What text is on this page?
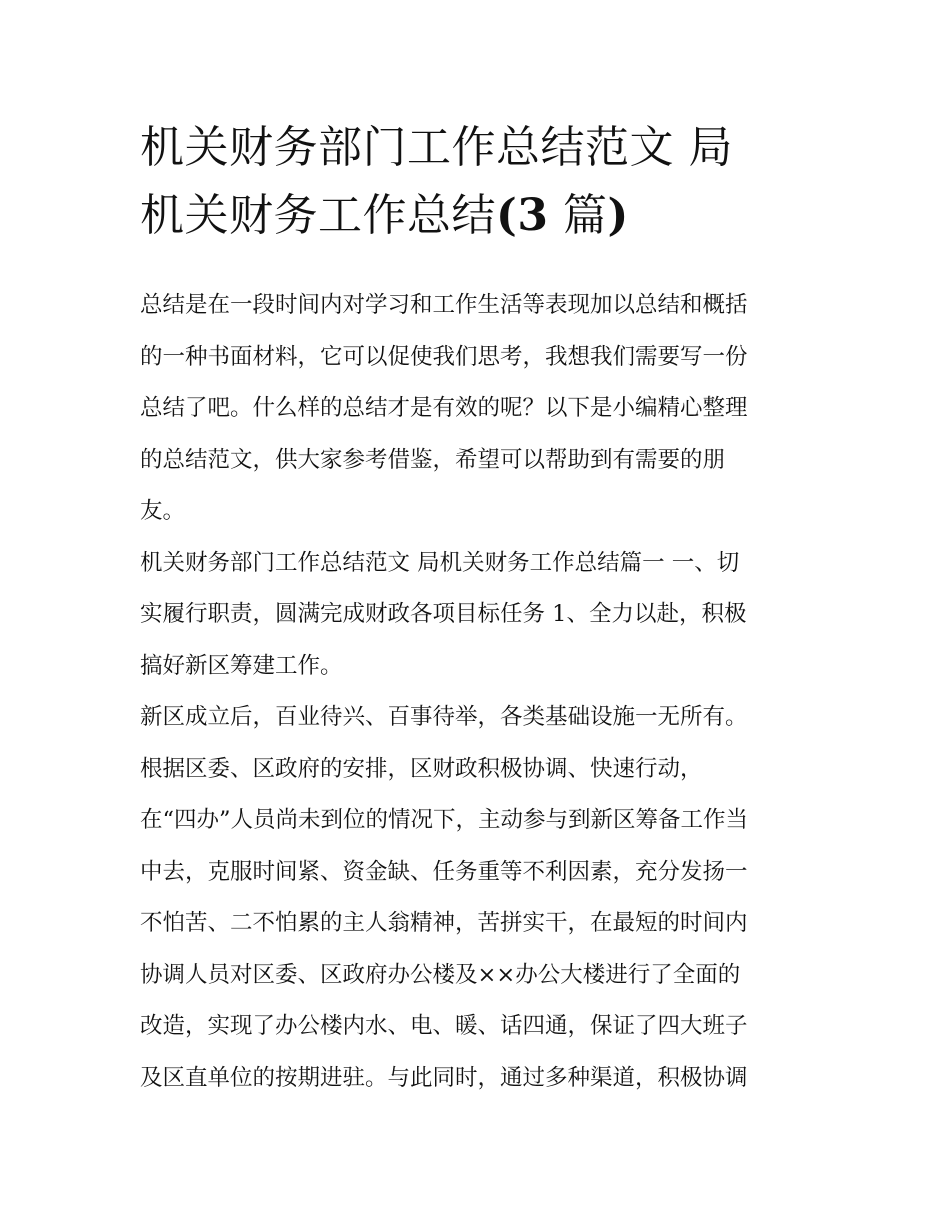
机关财务部门工作总结范文 局
机关财务工作总结(3 篇)

总结是在一段时间内对学习和工作生活等表现加以总结和概括
的一种书面材料，它可以促使我们思考，我想我们需要写一份
总结了吧。什么样的总结才是有效的呢？以下是小编精心整理
的总结范文，供大家参考借鉴，希望可以帮助到有需要的朋
友。

机关财务部门工作总结范文 局机关财务工作总结篇一 一、切
实履行职责，圆满完成财政各项目标任务 1、全力以赴，积极
搞好新区筹建工作。

新区成立后，百业待兴、百事待举，各类基础设施一无所有。
根据区委、区政府的安排，区财政积极协调、快速行动，
在“四办”人员尚未到位的情况下，主动参与到新区筹备工作当
中去，克服时间紧、资金缺、任务重等不利因素，充分发扬一
不怕苦、二不怕累的主人翁精神，苦拼实干，在最短的时间内
协调人员对区委、区政府办公楼及××办公大楼进行了全面的
改造，实现了办公楼内水、电、暖、话四通，保证了四大班子
及区直单位的按期进驻。与此同时，通过多种渠道，积极协调
